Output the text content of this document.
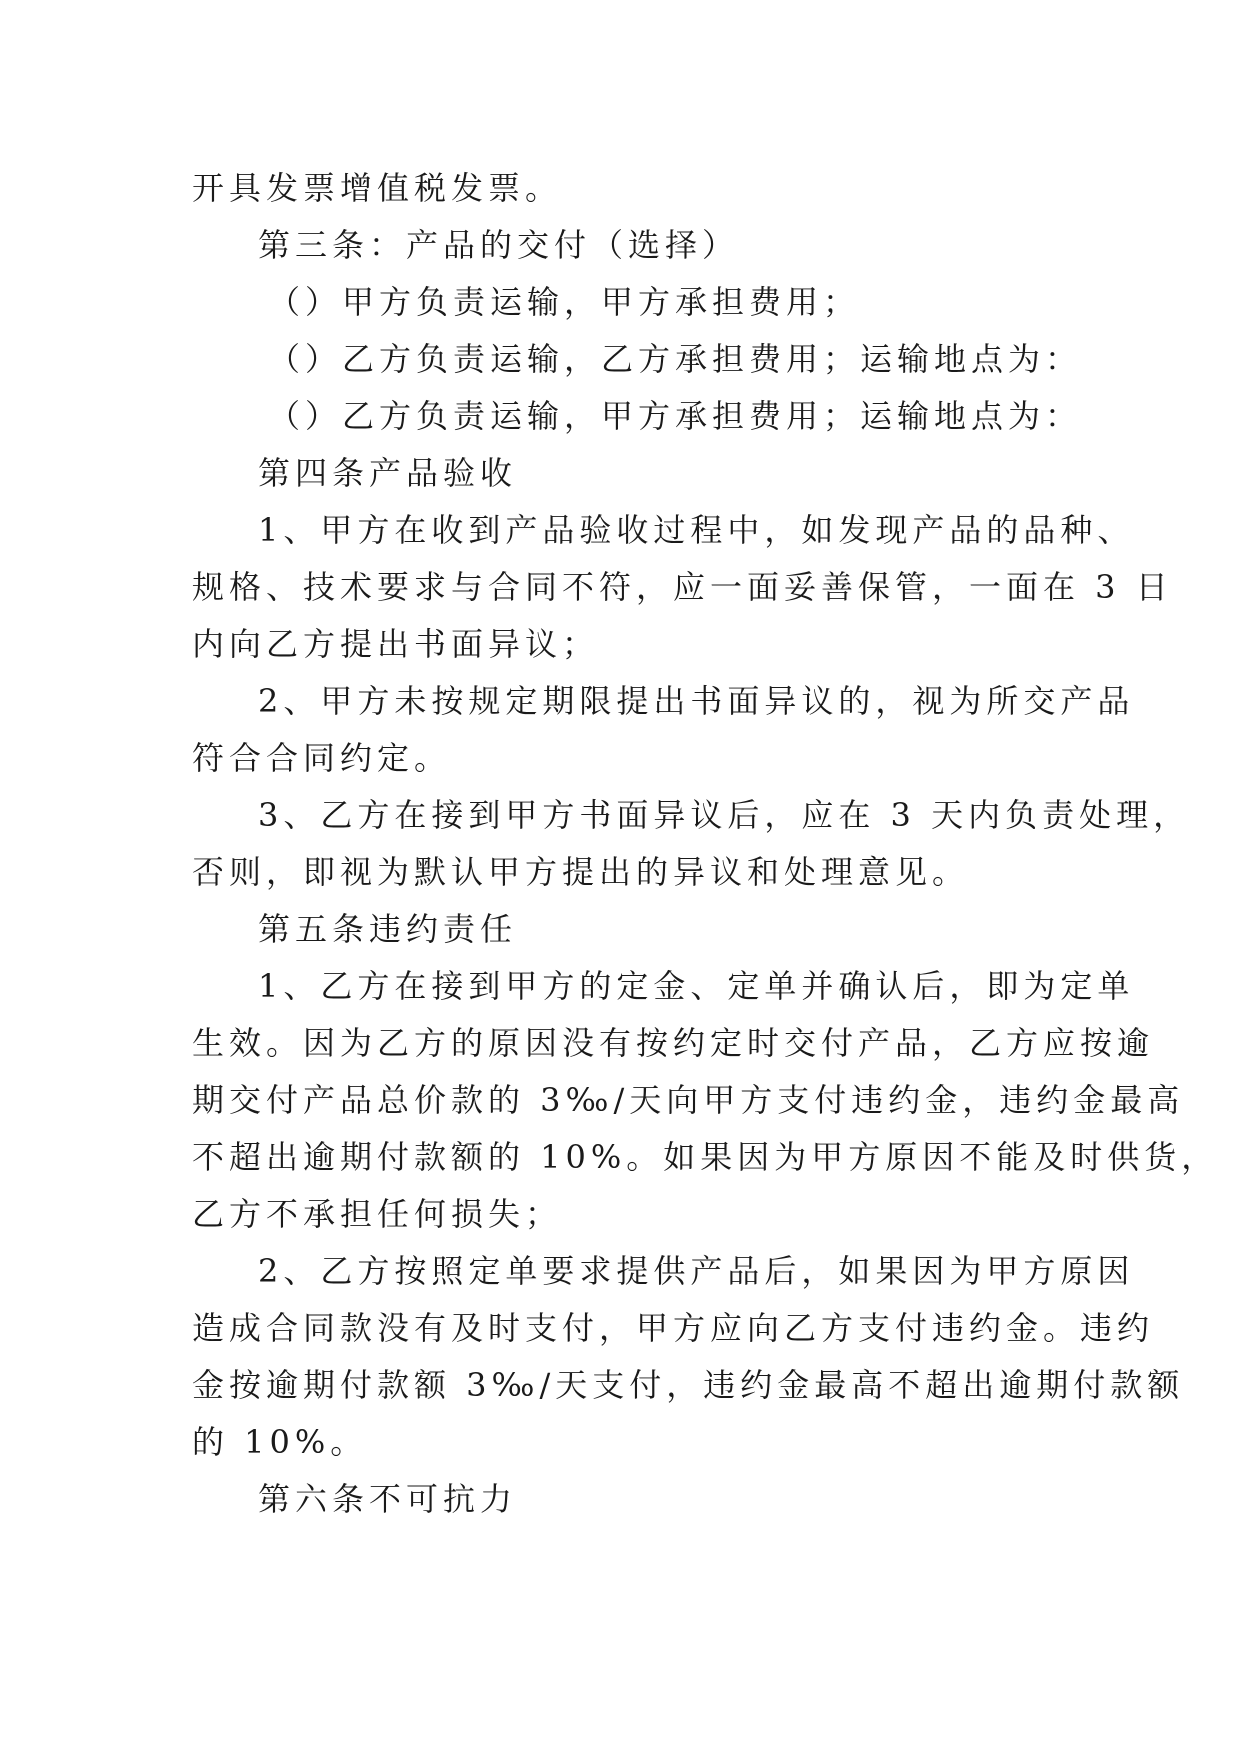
开具发票增值税发票。
第三条：产品的交付（选择）
（）甲方负责运输，甲方承担费用；
（）乙方负责运输，乙方承担费用；运输地点为：
（）乙方负责运输，甲方承担费用；运输地点为：
第四条产品验收
1、甲方在收到产品验收过程中，如发现产品的品种、
规格、技术要求与合同不符，应一面妥善保管，一面在 3 日
内向乙方提出书面异议；
2、甲方未按规定期限提出书面异议的，视为所交产品
符合合同约定。
3、乙方在接到甲方书面异议后，应在 3 天内负责处理，
否则，即视为默认甲方提出的异议和处理意见。
第五条违约责任
1、乙方在接到甲方的定金、定单并确认后，即为定单
生效。因为乙方的原因没有按约定时交付产品，乙方应按逾
期交付产品总价款的 3‰/天向甲方支付违约金，违约金最高
不超出逾期付款额的 10%。如果因为甲方原因不能及时供货，
乙方不承担任何损失；
2、乙方按照定单要求提供产品后，如果因为甲方原因
造成合同款没有及时支付，甲方应向乙方支付违约金。违约
金按逾期付款额 3‰/天支付，违约金最高不超出逾期付款额
的 10%。
第六条不可抗力
